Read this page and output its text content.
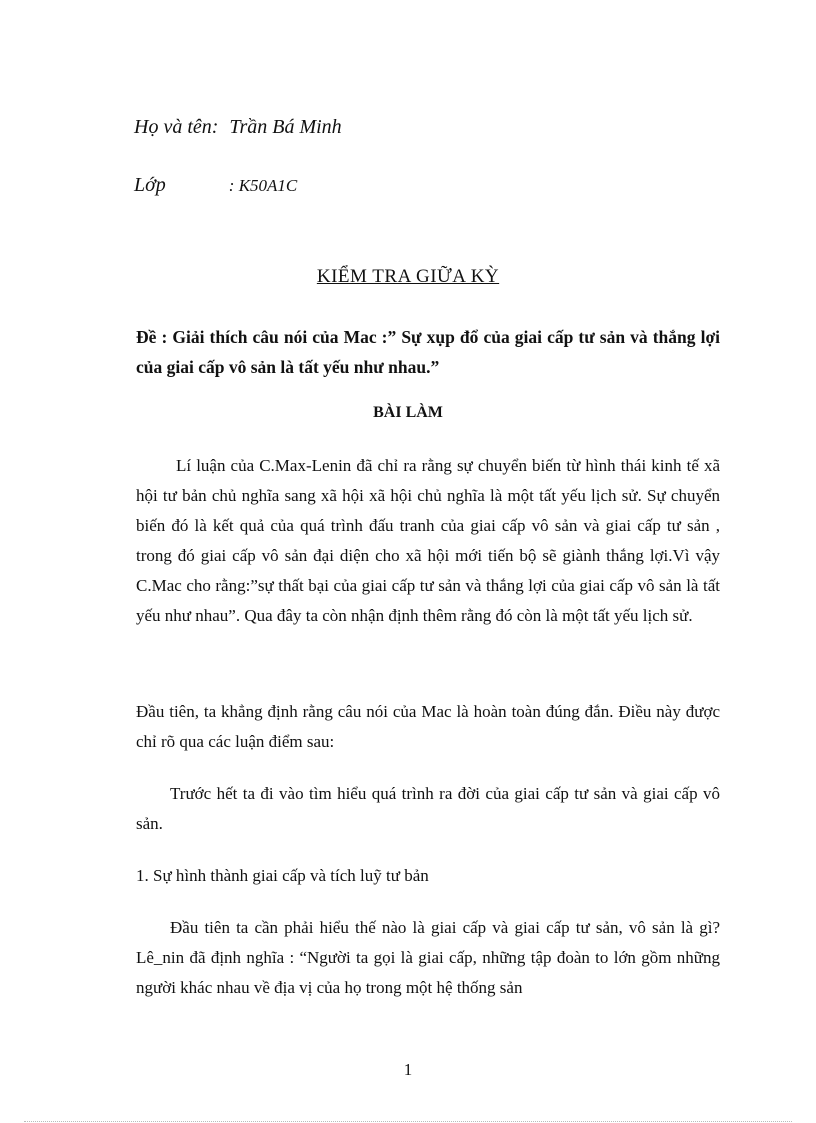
Họ và tên: Trần Bá Minh
Lớp	: K50A1C
KIỂM TRA GIỮA KỲ

Đề : Giải thích câu nói của Mac :” Sự xụp đổ của giai cấp tư sản và thắng lợi của giai cấp vô sản là tất yếu như nhau.”

BÀI LÀM

Lí luận của C.Max-Lenin đã chỉ ra rằng sự chuyển biến từ hình thái kinh tế xã hội tư bản chủ nghĩa sang xã hội xã hội chủ nghĩa là một tất yếu lịch sử. Sự chuyển biến đó là kết quả của quá trình đấu tranh của giai cấp vô sản và giai cấp tư sản , trong đó giai cấp vô sản đại diện cho xã hội mới tiến bộ sẽ giành thắng lợi.Vì vậy C.Mac cho rằng:”sự thất bại của giai cấp tư sản và thắng lợi của giai cấp vô sản là tất yếu như nhau”. Qua đây ta còn nhận định thêm rằng đó còn là một tất yếu lịch sử.

Đầu tiên, ta khẳng định rằng câu nói của Mac là hoàn toàn đúng đắn. Điều này được chỉ rõ qua các luận điểm sau:

Trước hết ta đi vào tìm hiểu quá trình ra đời của giai cấp tư sản và giai cấp vô sản.

1. Sự hình thành giai cấp và tích luỹ tư bản

Đầu tiên ta cần phải hiểu thế nào là giai cấp và giai cấp tư sản, vô sản là gì?Lê_nin đã định nghĩa : “Người ta gọi là giai cấp, những tập đoàn to lớn gồm những người khác nhau về địa vị của họ trong một hệ thống sản

1
